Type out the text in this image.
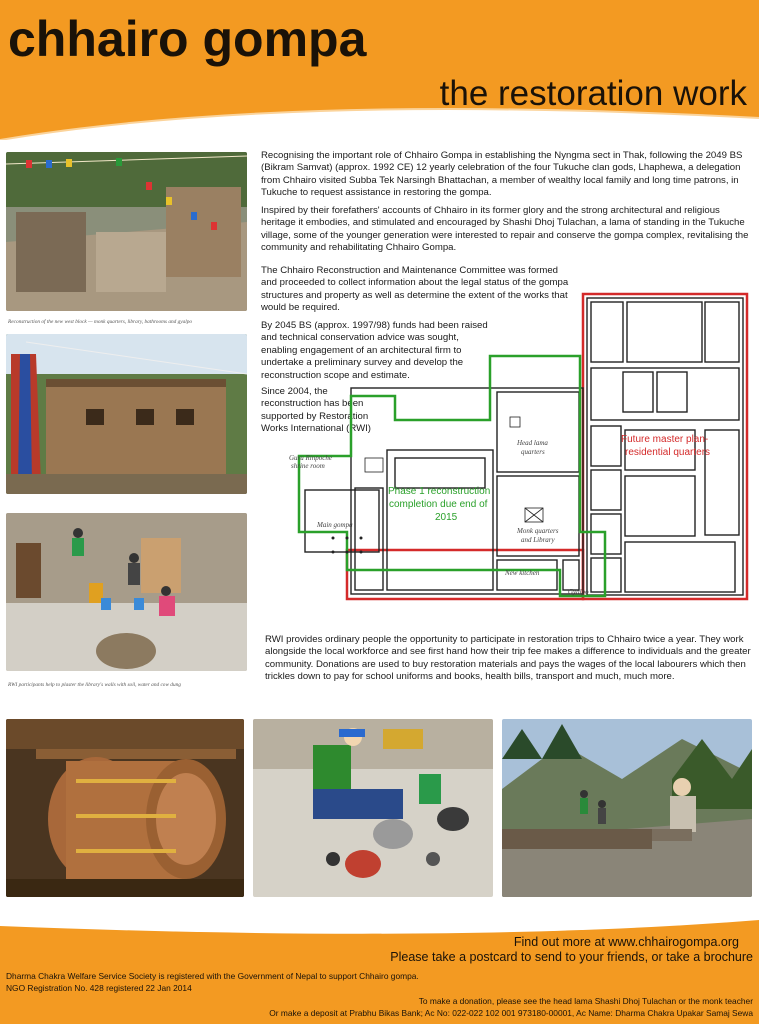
chhairo gompa
the restoration work
Reconstruction of the new west block — monk quarters, library, bathrooms and gyalpo
RWI participants help to plaster the library's walls with soil, water and cow dung

Recognising the important role of Chhairo Gompa in establishing the Nyngma sect in Thak, following the 2049 BS (Bikram Samvat) (approx. 1992 CE) 12 yearly celebration of the four Tukuche clan gods, Lhaphewa, a delegation from Chhairo visited Subba Tek Narsingh Bhattachan, a member of wealthy local family and long time patrons, in Tukuche to request assistance in restoring the gompa.

Inspired by their forefathers' accounts of Chhairo in its former glory and the strong architectural and religious heritage it embodies, and stimulated and encouraged by Shashi Dhoj Tulachan, a lama of standing in the Tukuche village, some of the younger generation were interested to repair and conserve the gompa complex, revitalising the community and rehabilitating Chhairo Gompa.

The Chhairo Reconstruction and Maintenance Committee was formed and proceeded to collect information about the legal status of the gompa structures and property as well as determine the extent of the works that would be required.

By 2045 BS (approx. 1997/98) funds had been raised and technical conservation advice was sought, enabling engagement of an architectural firm to undertake a preliminary survey and develop the reconstruction scope and estimate.

Since 2004, the reconstruction has been supported by Restoration Works International (RWI)

Future master plan-
residential quarters
Phase 1 reconstruction
completion due end of
2015
Guru Rinpoche
shrine room
Head lama
quarters
Main gompa
Monk quarters
and Library
New kitchen
Gyalpo

RWI provides ordinary people the opportunity to participate in restoration trips to Chhairo twice a year. They work alongside the local workforce and see first hand how their trip fee makes a difference to individuals and the greater community. Donations are used to buy restoration materials and pays the wages of the local labourers which then trickles down to pay for school uniforms and books, health bills, transport and much, much more.

Find out more at www.chhairogompa.org
Please take a postcard to send to your friends, or take a brochure
Dharma Chakra Welfare Service Society is registered with the Government of Nepal to support Chhairo gompa.
NGO Registration No. 428 registered 22 Jan 2014
To make a donation, please see the head lama Shashi Dhoj Tulachan or the monk teacher
Or make a deposit at Prabhu Bikas Bank; Ac No: 022-022 102 001 973180-00001, Ac Name: Dharma Chakra Upakar Samaj Sewa
